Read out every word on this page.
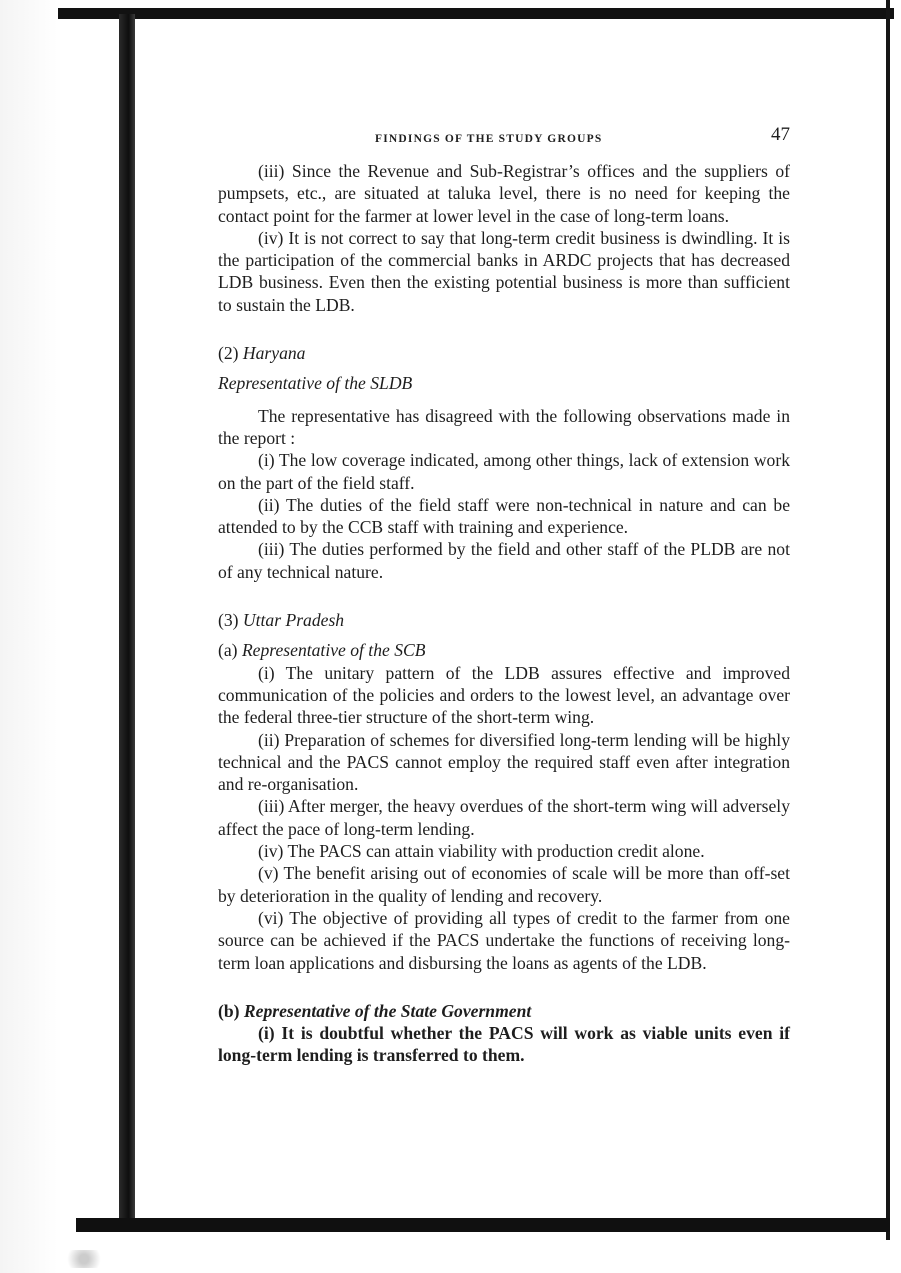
FINDINGS OF THE STUDY GROUPS	47

(iii) Since the Revenue and Sub-Registrar’s offices and the suppliers of pumpsets, etc., are situated at taluka level, there is no need for keeping the contact point for the farmer at lower level in the case of long-term loans.

(iv) It is not correct to say that long-term credit business is dwindling. It is the participation of the commercial banks in ARDC projects that has decreased LDB business. Even then the existing potential business is more than sufficient to sustain the LDB.

(2) Haryana
Representative of the SLDB

The representative has disagreed with the following observations made in the report :

(i) The low coverage indicated, among other things, lack of extension work on the part of the field staff.

(ii) The duties of the field staff were non-technical in nature and can be attended to by the CCB staff with training and experience.

(iii) The duties performed by the field and other staff of the PLDB are not of any technical nature.

(3) Uttar Pradesh
(a) Representative of the SCB

(i) The unitary pattern of the LDB assures effective and improved communication of the policies and orders to the lowest level, an advantage over the federal three-tier structure of the short-term wing.

(ii) Preparation of schemes for diversified long-term lending will be highly technical and the PACS cannot employ the required staff even after integration and re-organisation.

(iii) After merger, the heavy overdues of the short-term wing will adversely affect the pace of long-term lending.

(iv) The PACS can attain viability with production credit alone.

(v) The benefit arising out of economies of scale will be more than off-set by deterioration in the quality of lending and recovery.

(vi) The objective of providing all types of credit to the farmer from one source can be achieved if the PACS undertake the functions of receiving long-term loan applications and disbursing the loans as agents of the LDB.

(b) Representative of the State Government

(i) It is doubtful whether the PACS will work as viable units even if long-term lending is transferred to them.
